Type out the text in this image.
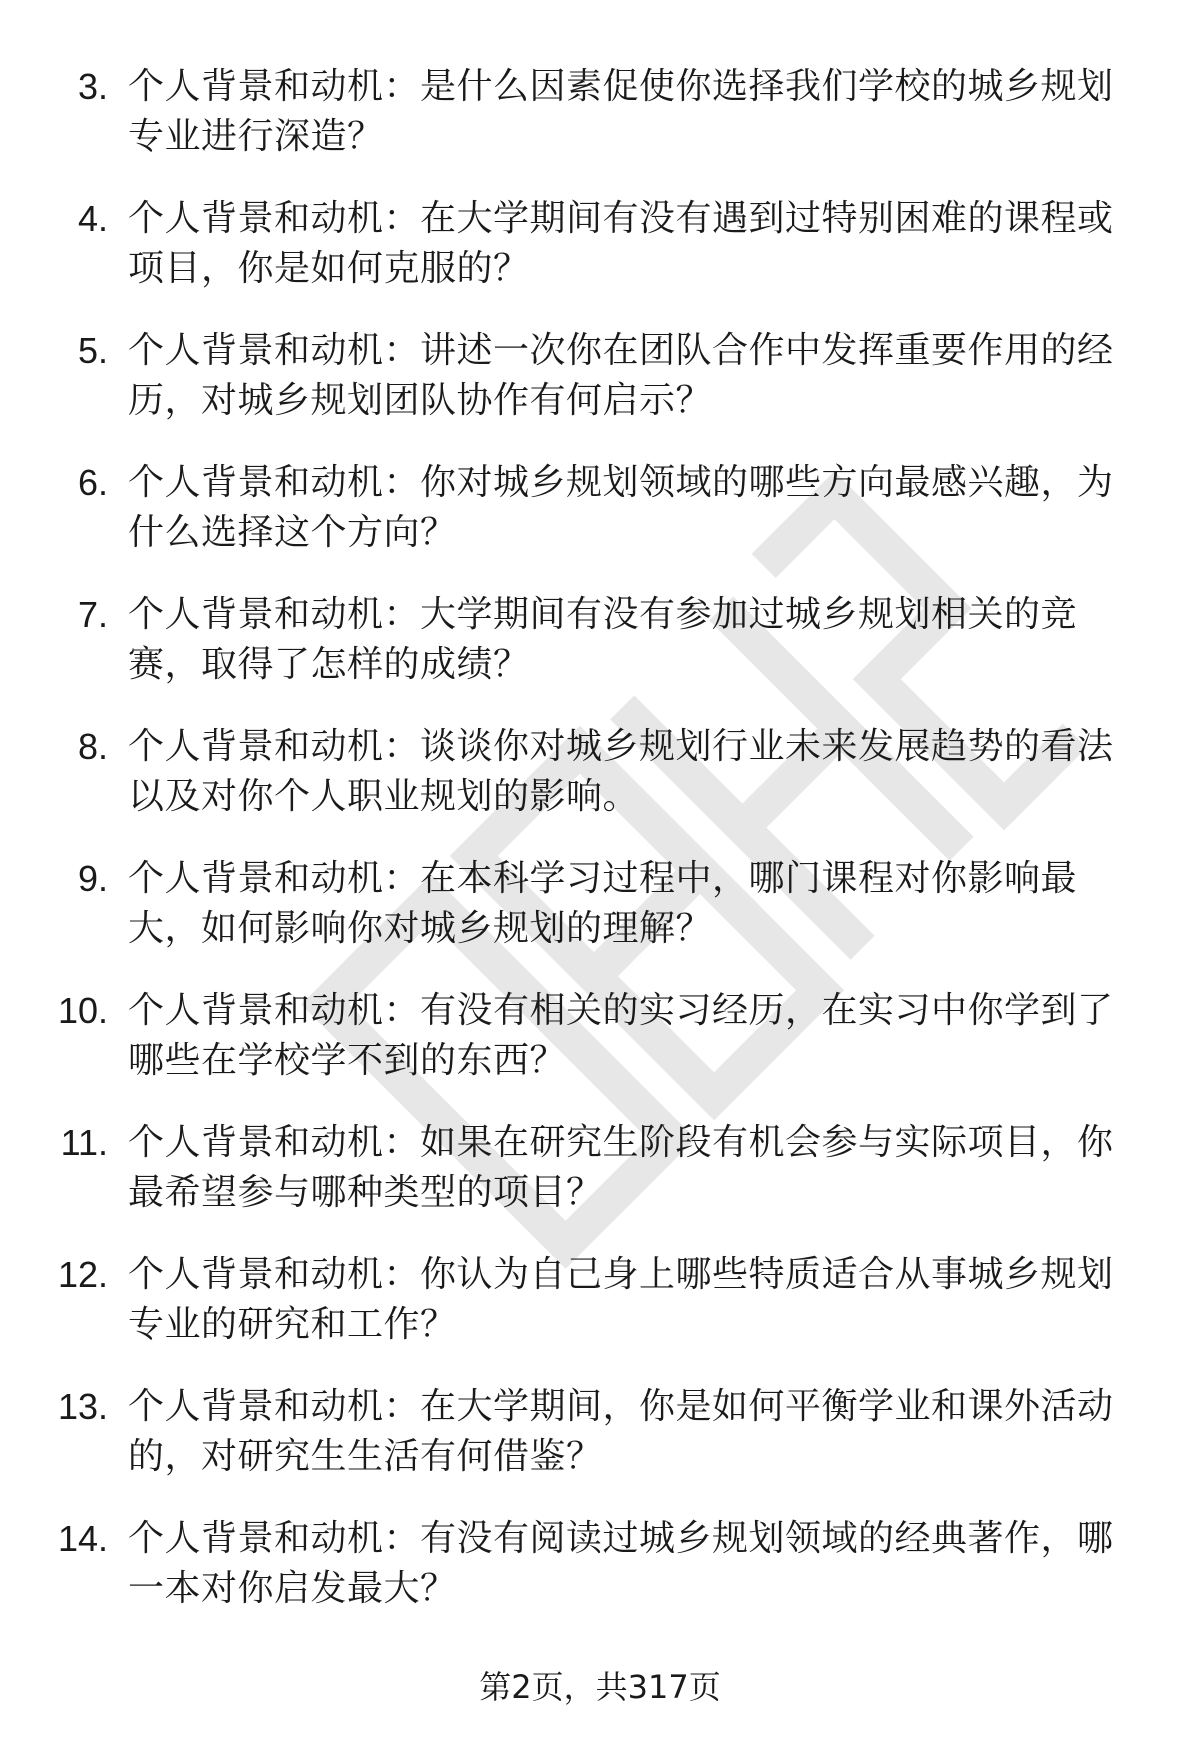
3. 个人背景和动机：是什么因素促使你选择我们学校的城乡规划专业进行深造？
4. 个人背景和动机：在大学期间有没有遇到过特别困难的课程或项目，你是如何克服的？
5. 个人背景和动机：讲述一次你在团队合作中发挥重要作用的经历，对城乡规划团队协作有何启示？
6. 个人背景和动机：你对城乡规划领域的哪些方向最感兴趣，为什么选择这个方向？
7. 个人背景和动机：大学期间有没有参加过城乡规划相关的竞赛，取得了怎样的成绩？
8. 个人背景和动机：谈谈你对城乡规划行业未来发展趋势的看法以及对你个人职业规划的影响。
9. 个人背景和动机：在本科学习过程中，哪门课程对你影响最大，如何影响你对城乡规划的理解？
10. 个人背景和动机：有没有相关的实习经历，在实习中你学到了哪些在学校学不到的东西？
11. 个人背景和动机：如果在研究生阶段有机会参与实际项目，你最希望参与哪种类型的项目？
12. 个人背景和动机：你认为自己身上哪些特质适合从事城乡规划专业的研究和工作？
13. 个人背景和动机：在大学期间，你是如何平衡学业和课外活动的，对研究生生活有何借鉴？
14. 个人背景和动机：有没有阅读过城乡规划领域的经典著作，哪一本对你启发最大？
第2页，共317页
